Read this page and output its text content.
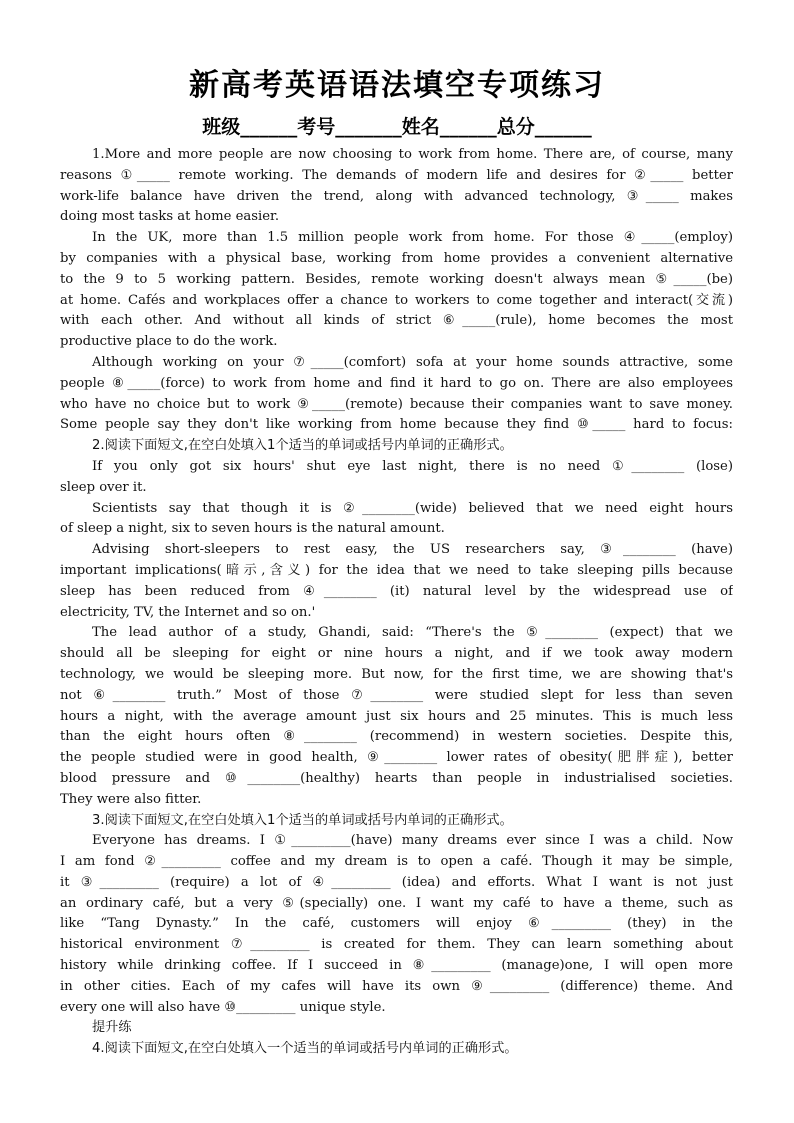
新高考英语语法填空专项练习
班级______考号_______姓名______总分______
1.More and more people are now choosing to work from home. There are, of course, many
reasons ①_____ remote working. The demands of modern life and desires for ②_____ better
work-life balance have driven the trend, along with advanced technology, ③_____ makes
doing most tasks at home easier.
In the UK, more than 1.5 million people work from home. For those ④_____(employ)
by companies with a physical base, working from home provides a convenient alternative
to the 9 to 5 working pattern. Besides, remote working doesn't always mean ⑤_____(be)
at home. Cafés and workplaces offer a chance to workers to come together and interact(交流)
with each other. And without all kinds of strict ⑥_____(rule), home becomes the most
productive place to do the work.
Although working on your ⑦_____(comfort) sofa at your home sounds attractive, some
people ⑧_____(force) to work from home and find it hard to go on. There are also employees
who have no choice but to work ⑨_____(remote) because their companies want to save money.
Some people say they don't like working from home because they find ⑩_____ hard to focus:
2.阅读下面短文,在空白处填入1个适当的单词或括号内单词的正确形式。
If you only got six hours' shut eye last night, there is no need ①________ (lose)
sleep over it.
Scientists say that though it is ②________(wide) believed that we need eight hours
of sleep a night, six to seven hours is the natural amount.
Advising short-sleepers to rest easy, the US researchers say, ③________ (have)
important implications(暗示,含义) for the idea that we need to take sleeping pills because
sleep has been reduced from ④________ (it) natural level by the widespread use of
electricity, TV, the Internet and so on.'
The lead author of a study, Ghandi, said: “There's the ⑤________ (expect) that we
should all be sleeping for eight or nine hours a night, and if we took away modern
technology, we would be sleeping more. But now, for the first time, we are showing that's
not ⑥________ truth.” Most of those ⑦________ were studied slept for less than seven
hours a night, with the average amount just six hours and 25 minutes. This is much less
than the eight hours often ⑧________ (recommend) in western societies. Despite this,
the people studied were in good health, ⑨________ lower rates of obesity(肥胖症), better
blood pressure and ⑩________(healthy) hearts than people in industrialised societies.
They were also fitter.
3.阅读下面短文,在空白处填入1个适当的单词或括号内单词的正确形式。
Everyone has dreams. I ①_________(have) many dreams ever since I was a child. Now
I am fond ②_________ coffee and my dream is to open a café. Though it may be simple,
it ③_________ (require) a lot of ④_________ (idea) and efforts. What I want is not just
an ordinary café, but a very ⑤(specially) one. I want my café to have a theme, such as
like “Tang Dynasty.” In the café, customers will enjoy ⑥_________ (they) in the
historical environment ⑦_________ is created for them. They can learn something about
history while drinking coffee. If I succeed in ⑧_________ (manage)one, I will open more
in other cities. Each of my cafes will have its own ⑨_________ (difference) theme. And
every one will also have ⑩_________ unique style.
提升练
4.阅读下面短文,在空白处填入一个适当的单词或括号内单词的正确形式。
